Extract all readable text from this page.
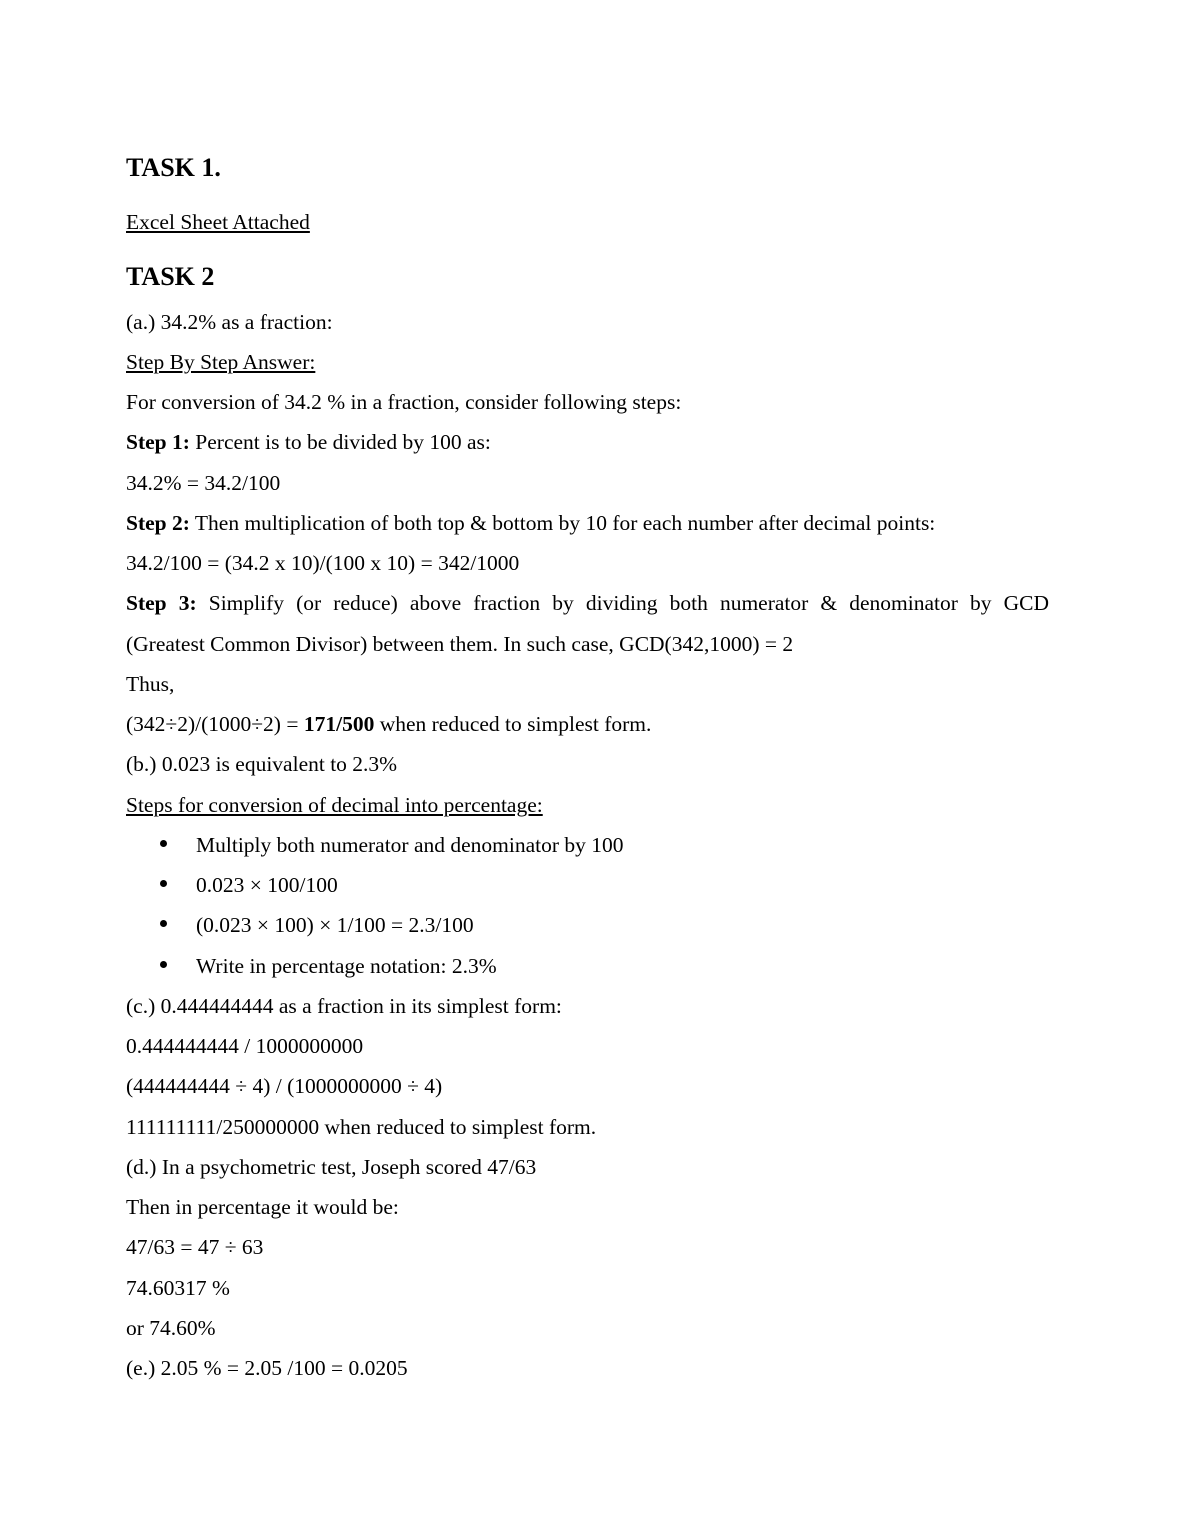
TASK 1.
Excel Sheet Attached
TASK 2
(a.) 34.2% as a fraction:
Step By Step Answer:
For conversion of 34.2 % in a fraction, consider following steps:
Step 1: Percent is to be divided by 100 as:
34.2% = 34.2/100
Step 2: Then multiplication of both top & bottom by 10 for each number after decimal points:
34.2/100 = (34.2 x 10)/(100 x 10) = 342/1000
Step 3: Simplify (or reduce) above fraction by dividing both numerator & denominator by GCD
(Greatest Common Divisor) between them. In such case, GCD(342,1000) = 2
Thus,
(342÷2)/(1000÷2) = 171/500 when reduced to simplest form.
(b.) 0.023 is equivalent to 2.3%
Steps for conversion of decimal into percentage:
Multiply both numerator and denominator by 100
0.023 × 100/100
(0.023 × 100) × 1/100 = 2.3/100
Write in percentage notation: 2.3%
(c.) 0.444444444 as a fraction in its simplest form:
0.444444444 / 1000000000
(444444444 ÷ 4) / (1000000000 ÷ 4)
111111111/250000000 when reduced to simplest form.
(d.) In a psychometric test, Joseph scored 47/63
Then in percentage it would be:
47/63 = 47 ÷ 63
74.60317 %
or 74.60%
(e.) 2.05 % = 2.05 /100 = 0.0205
